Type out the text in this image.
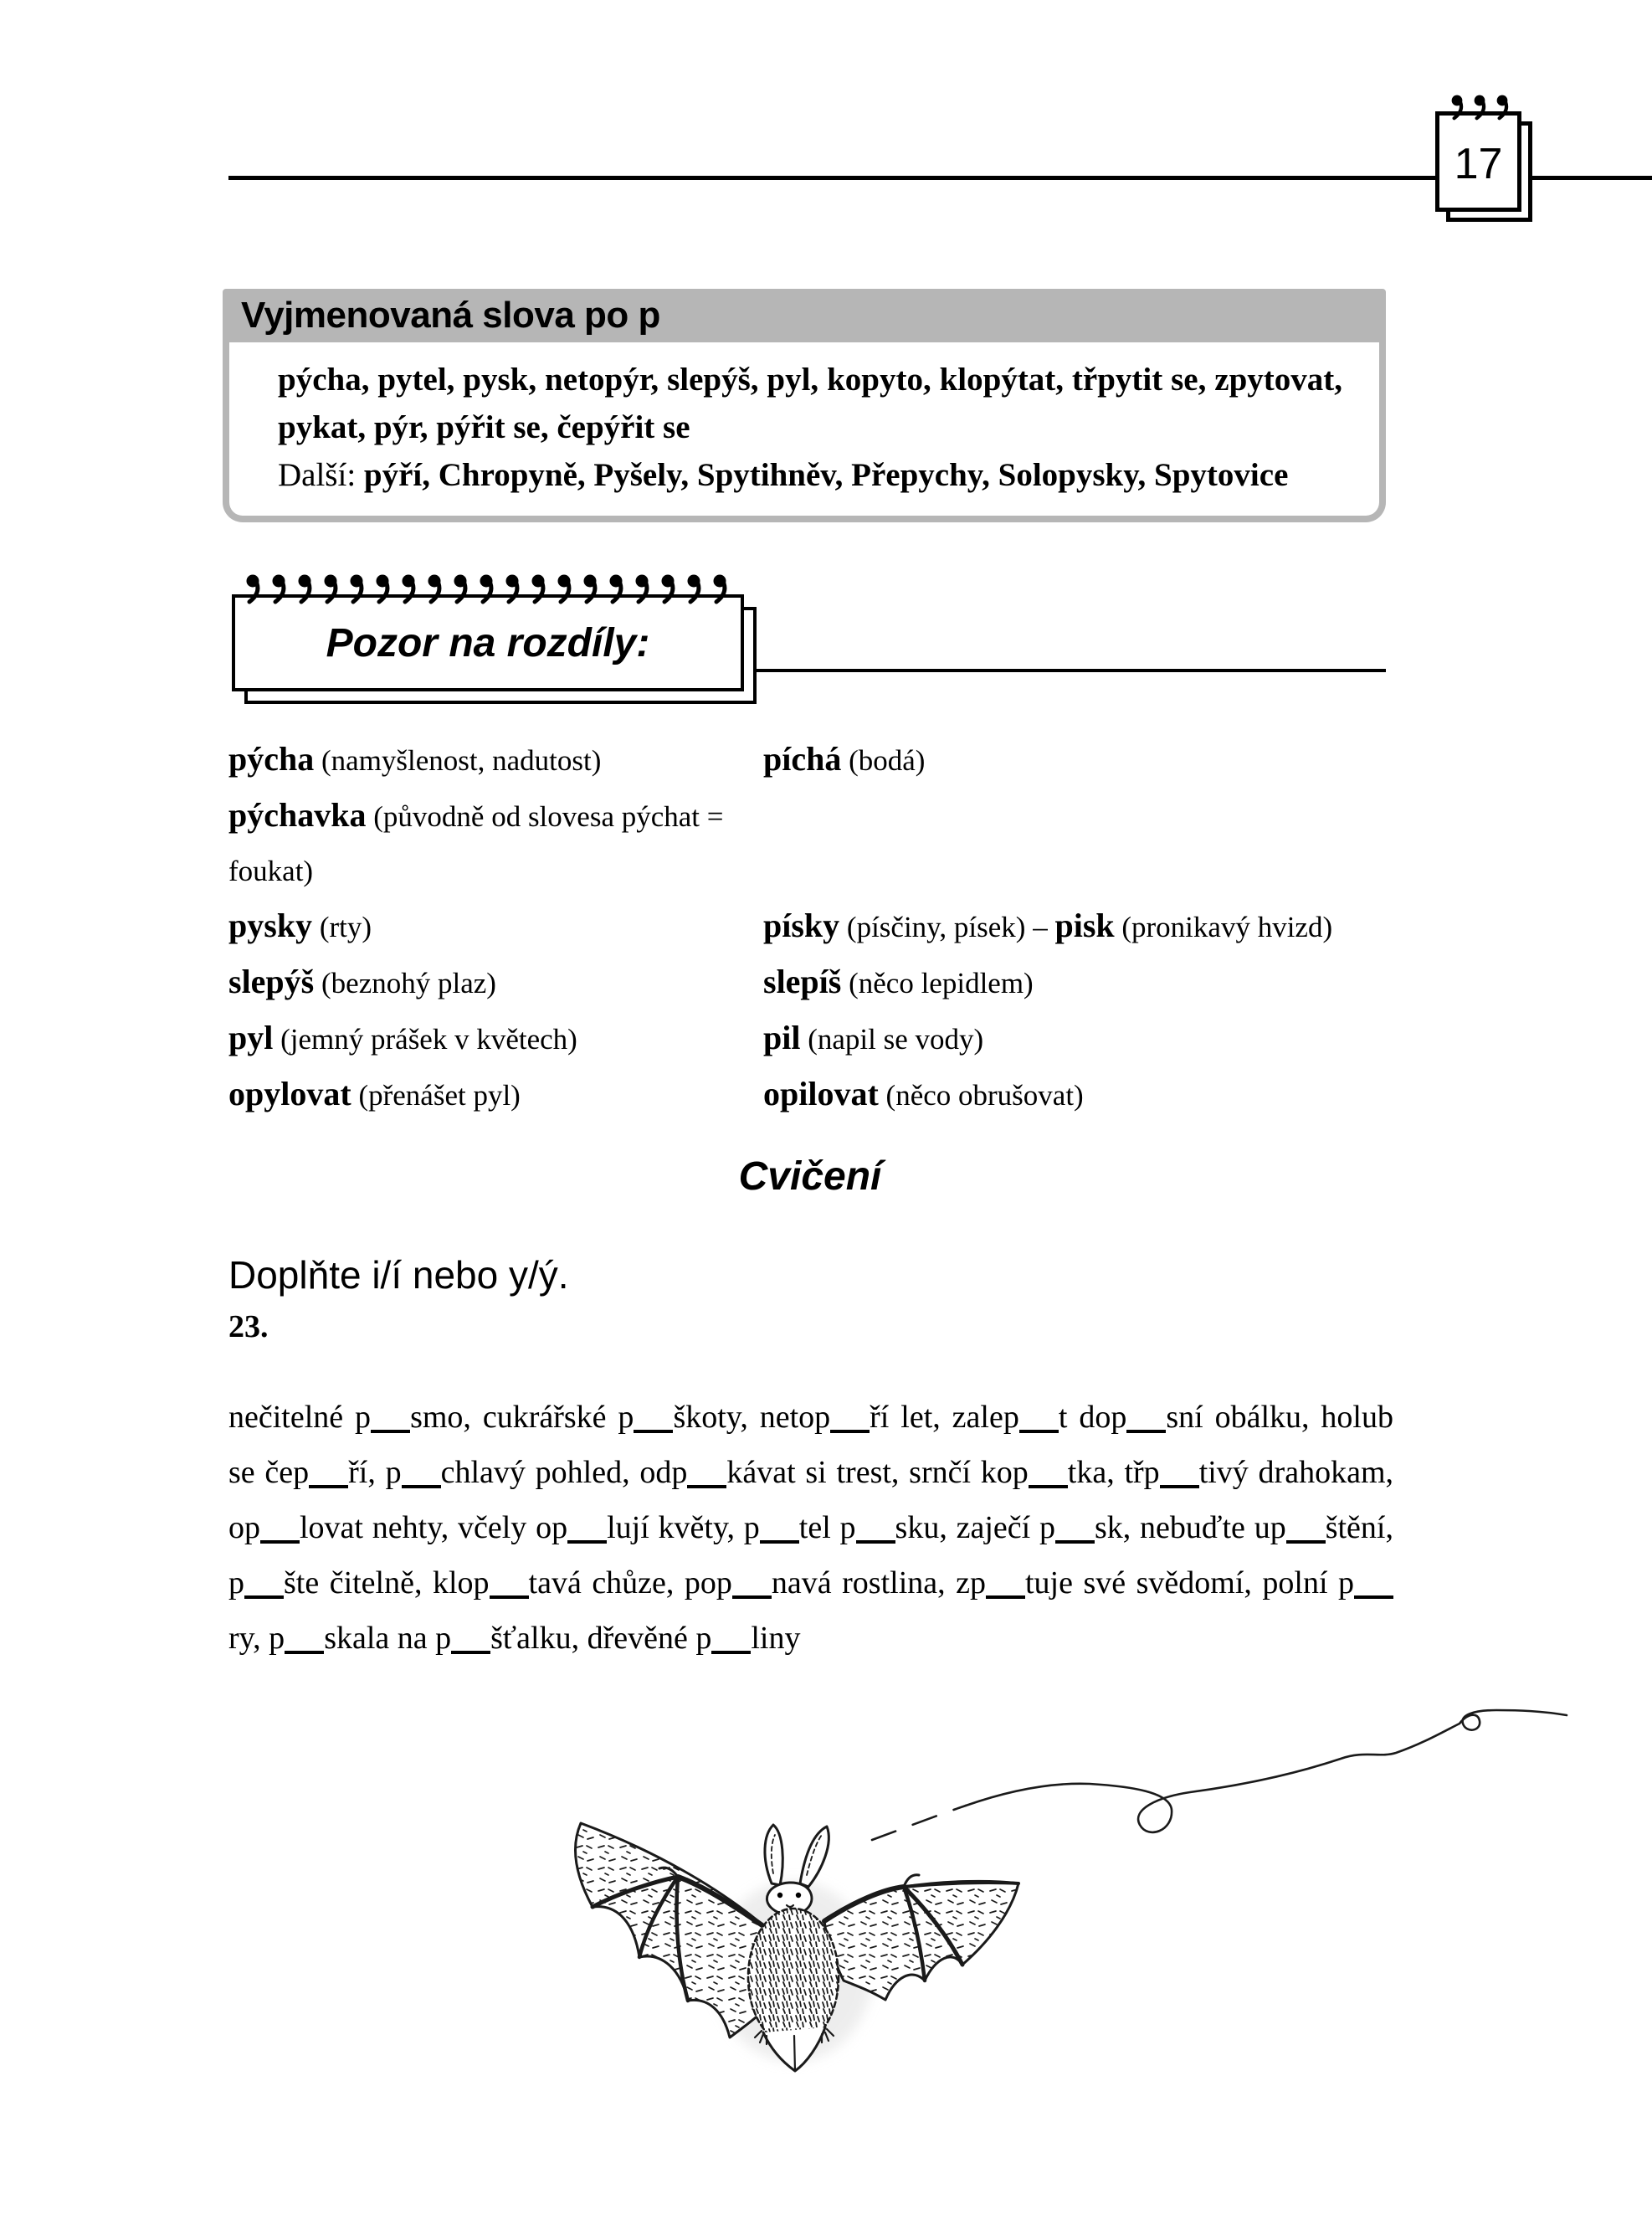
17
Vyjmenovaná slova po p

pýcha, pytel, pysk, netopýr, slepýš, pyl, kopyto, klopýtat, třpytit se, zpytovat, pykat, pýr, pýřit se, čepýřit se

Další: pýří, Chropyně, Pyšely, Spytihněv, Přepychy, Solopysky, Spytovice

Pozor na rozdíly:
pýcha (namyšlenost, nadutost)	píchá (bodá)
pýchavka (původně od slovesa pýchat = foukat)
pysky (rty)	písky (písčiny, písek) – pisk (pronikavý hvizd)
slepýš (beznohý plaz)	slepíš (něco lepidlem)
pyl (jemný prášek v květech)	pil (napil se vody)
opylovat (přenášet pyl)	opilovat (něco obrušovat)
Cvičení

Doplňte i/í nebo y/ý.

23.

nečitelné p smo, cukrářské p škoty, netop ří let, zalep t dop sní obálku, holub se čep ří, p chlavý pohled, odp kávat si trest, srnčí kop tka, třp tivý drahokam, op lovat nehty, včely op lují květy, p tel p sku, zaječí p sk, nebuďte up štění, p šte čitelně, klop tavá chůze, pop navá rostlina, zp tuje své svědomí, polní pry, p skala na p šťalku, dřevěné p liny
